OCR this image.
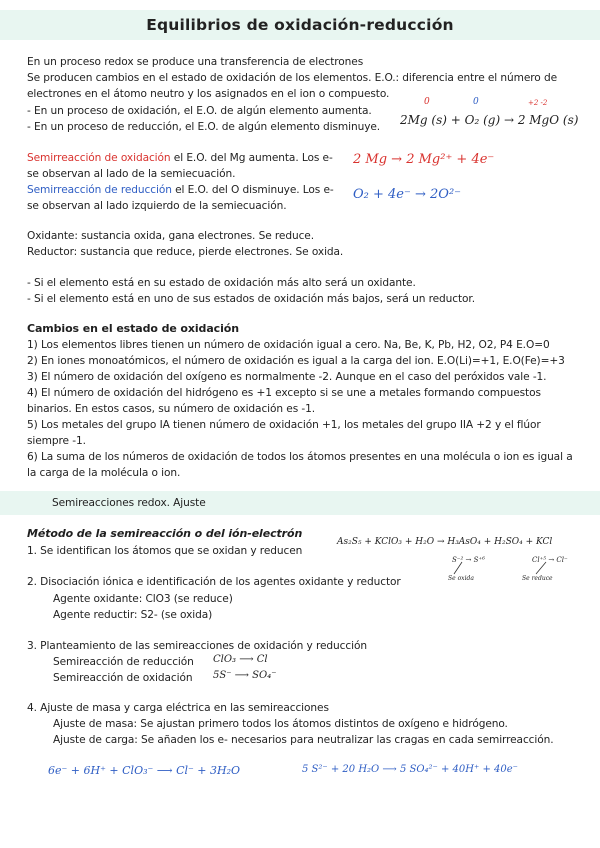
Equilibrios de oxidación-reducción
En un proceso redox se produce una transferencia de electrones
Se producen cambios en el estado de oxidación de los elementos. E.O.: diferencia entre el número de
electrones en el átomo neutro y los asignados en el ion o compuesto.
- En un proceso de oxidación, el E.O. de algún elemento aumenta.
- En un proceso de reducción, el E.O. de algún elemento disminuye.
0	0	+2 -2
2Mg (s) + O₂ (g) → 2 MgO (s)
Semirreacción de oxidación el E.O. del Mg aumenta. Los e-
se observan al lado de la semiecuación.
Semirreacción de reducción el E.O. del O disminuye. Los e-
se observan al lado izquierdo de la semiecuación.
2 Mg → 2 Mg²⁺ + 4e⁻
O₂ + 4e⁻ → 2O²⁻
Oxidante: sustancia oxida, gana electrones. Se reduce.
Reductor: sustancia que reduce, pierde electrones. Se oxida.
- Si el elemento está en su estado de oxidación más alto será un oxidante.
- Si el elemento está en uno de sus estados de oxidación más bajos, será un reductor.
Cambios en el estado de oxidación
1) Los elementos libres tienen un número de oxidación igual a cero. Na, Be, K, Pb, H2, O2, P4 E.O=0
2) En iones monoatómicos, el número de oxidación es igual a la carga del ion. E.O(Li)=+1, E.O(Fe)=+3
3) El número de oxidación del oxígeno es normalmente -2. Aunque en el caso del peróxidos vale -1.
4) El número de oxidación del hidrógeno es +1 excepto si se une a metales formando compuestos
binarios. En estos casos, su número de oxidación es -1.
5) Los metales del grupo IA tienen número de oxidación +1, los metales del grupo IIA +2 y el flúor
siempre -1.
6) La suma de los números de oxidación de todos los átomos presentes en una molécula o ion es igual a
la carga de la molécula o ion.
Semireacciones redox. Ajuste
Método de la semireacción o del ión-electrón
1. Se identifican los átomos que se oxidan y reducen
As₂S₅ + KClO₃ + H₂O → H₃AsO₄ + H₂SO₄ + KCl
S⁻² → S⁺⁶	Cl⁺⁵ → Cl⁻
Se oxida	Se reduce
2. Disociación iónica e identificación de los agentes oxidante y reductor
Agente oxidante: ClO3 (se reduce)
Agente reductir: S2- (se oxida)
3. Planteamiento de las semireacciones de oxidación y reducción
Semireacción de reducción ClO₃ ⟶ Cl
Semireacción de oxidación 5S⁻ ⟶ SO₄⁻
4. Ajuste de masa y carga eléctrica en las semireacciones
Ajuste de masa: Se ajustan primero todos los átomos distintos de oxígeno e hidrógeno.
Ajuste de carga: Se añaden los e- necesarios para neutralizar las cragas en cada semirreacción.
6e⁻ + 6H⁺ + ClO₃⁻ ⟶ Cl⁻ + 3H₂O	5 S²⁻ + 20 H₂O ⟶ 5 SO₄²⁻ + 40H⁺ + 40e⁻
